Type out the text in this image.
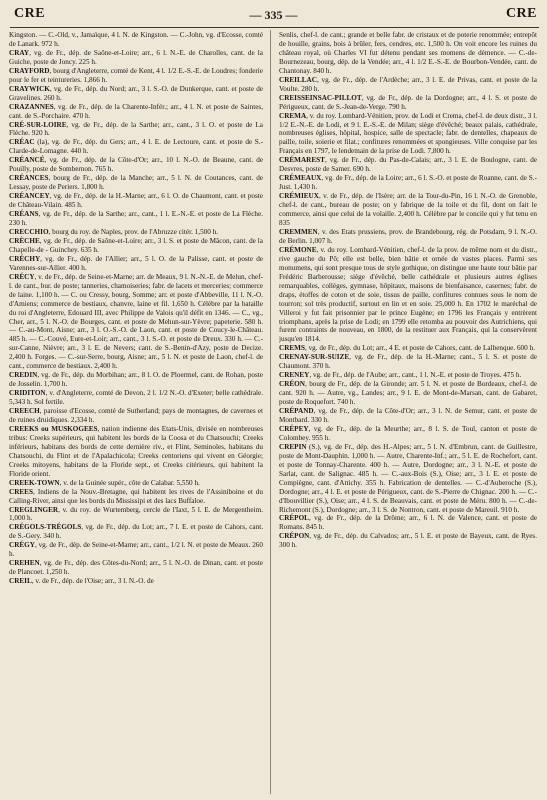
CRE	— 335 —	CRE

Kingston. — C.-Old, v., Jamaïque, 4 l. N. de Kingston. — C.-John, vg. d'Ecosse, comté de Lanark. 972 h.

CRAY, vg. de Fr., dép. de Saône-et-Loire; arr., 6 l. N.-E. de Charolles, cant. de la Guiche, poste de Joncy. 225 h.

CRAYFORD, bourg d'Angleterre, comté de Kent, 4 l. 1/2 E.-S.-E. de Loudres; fonderie pour le fer et teintureries. 1,866 h.

CRAYWICK, vg. de Fr., dép. du Nord; arr., 3 l. S.-O. de Dunkerque, cant. et poste de Gravelines. 260 h.

CRAZANNES, vg. de Fr., dép. de la Charente-Infér.; arr., 4 l. N. et poste de Saintes, cant. de S.-Porchaire. 470 h.

CRÉ-SUR-LOIRE, vg. de Fr., dép. de la Sarthe; arr., cant., 3 l. O. et poste de La Flèche. 920 h.

CRÉAC (la), vg. de Fr., dép. du Gers; arr., 4 l. E. de Lectoure, cant. et poste de S.-Clarde-de-Lomagne. 440 h.

CRÉANCÉ, vg. de Fr., dép. de la Côte-d'Or; arr., 10 l. N.-O. de Beaune, cant. de Pouilly, poste de Sombernon. 765 h.

CRÉANCES, bourg de Fr., dép. de la Manche; arr., 5 l. N. de Coutances, cant. de Lessay, poste de Periers. 1,800 h.

CRÉANCEY, vg. de Fr., dép. de la H.-Marne; arr., 6 l. O. de Chaumont, cant. et poste de Château-Vilain. 485 h.

CRÉANS, vg. de Fr., dép. de la Sarthe; arr., cant., 1 l. E.-N.-E. et poste de La Flèche. 230 h.

CRECCHIO, bourg du roy. de Naples, prov. de l'Abruzze citér. 1,500 h.

CRÈCHE, vg. de Fr., dép. de Saône-et-Loire; arr., 3 l. S. et poste de Mâcon, cant. de la Chapelle-de - Guinchey. 635 h.

CRÉCHY, vg. de Fr., dép. de l'Allier; arr., 5 l. O. de la Palisse, cant. et poste de Varennes-sur-Allier. 400 h.

CRÉCY, v. de Fr., dép. de Seine-et-Marne; arr. de Meaux, 9 l. N.-N.-E. de Melun, chef-l. de cant., bur. de poste; tanneries, chamoiseries; fabr. de lacets et merceries; commerce de laine. 1,100 h. — C. ou Cressy, bourg, Somme; arr. et poste d'Abbeville, 11 l. N.-O. d'Amiens; commerce de bestiaux, chanvre, laine et fil. 1,650 h. Célèbre par la bataille du roi d'Angleterre, Edouard III, avec Philippe de Valois qu'il défit en 1346. — C., vg., Cher, arr., 5 l. N.-O. de Bourges, cant. et poste de Mehun-sur-Yèvre; papeterie. 580 h. — C.-au-Mont, Aisne; arr., 3 l. O.-S.-O. de Laon, cant. et poste de Coucy-le-Château. 485 h. — C.-Couvé, Eure-et-Loir; arr., cant., 3 l. S.-O. et poste de Dreux. 330 h. — C.-sur-Canne, Nièvre; arr., 3 l. E. de Nevers; cant. de S.-Benin-d'Azy, poste de Decize. 2,400 h. Forges. — C.-sur-Serre, bourg, Aisne; arr., 5 l. N. et poste de Laon, chef-l. de cant., commerce de bestiaux. 2,400 h.

CREDIN, vg. de Fr., dép. du Morbihan; arr., 8 l. O. de Ploermel, cant. de Rohan, poste de Josselin. 1,700 h.

CRIDITON, v. d'Angleterre, comté de Devon, 2 l. 1/2 N.-O. d'Exeter; belle cathédrale. 5,343 h. Sol fertile.

CREECH, paroisse d'Ecosse, comté de Sutherland; pays de montagnes, de cavernes et de ruines druidiques. 2,334 h.

CREEKS ou MUSKOGEES, nation indienne des Etats-Unis, divisée en nombreuses tribus: Creeks supérieurs, qui habitent les bords de la Coosa et du Chatsouchi; Creeks inférieurs, habitans des bords de cette dernière riv., et Flint, Seminoles, habitans du Chatsouchi, du Flint et de l'Apalachicola; Creeks centoriens qui vivent en Géorgie; Creeks mitoyens, habitans de la Floride sept., et Creeks citérieurs, qui habitent la Floride orient.

CREEK-TOWN, v. de la Guinée supér., côte de Calabar. 5,550 h.

CREES, Indiens de la Nouv.-Bretagne, qui habitent les rives de l'Assiniboine et du Calling-River, ainsi que les bords du Mississipi et des lacs Buffaloe.

CREGLINGER, v. du roy. de Wurtemberg, cercle de l'Iaxt, 5 l. E. de Mergentheim. 1,000 h.

CRÉGOLS-TRÉGOLS, vg. de Fr., dép. du Lot; arr., 7 l. E. et poste de Cahors, cant. de S.-Gery. 340 h.

CRÉGY, vg. de Fr., dép. de Seine-et-Marne; arr., cant., 1/2 l. N. et poste de Meaux. 260 h.

CREHEN, vg. de Fr., dép. des Côtes-du-Nord; arr., 5 l. N.-O. de Dinan, cant. et poste de Plancoet. 1,250 h.

CREIL, v. de Fr., dép. de l'Oise; arr., 3 l. N.-O. de

Senlis, chef-l. de cant.; grande et belle fabr. de cristaux et de poterie renommée; entrepôt de houille, grains, bois à brûler, fers, cendres, etc. 1,500 h. On voit encore les ruines du château royal, où Charles VI fut détenu pendant ses momens de démence. — C.-de-Bournezeau, bourg, dép. de la Vendée; arr., 4 l. 1/2 E.-S.-E. de Bourbon-Vendée, cant. de Chantonay. 840 h.

CREILLAC, vg. de Fr., dép. de l'Ardèche; arr., 3 l. E. de Privas, cant. et poste de la Voulte. 280 h.

CREISSEINSAC-PILLOT, vg. de Fr., dép. de la Dordogne; arr., 4 l. S. et poste de Périgueux, cant. de S.-Jean-de-Verge. 790 h.

CREMA, v. du roy. Lombard-Vénitien, prov. de Lodi et Crema, chef-l. de deux distr., 3 l. 1/2 E.-N.-E. de Lodi, et 9 l. E.-S.-E. de Milan; siège d'évêché; beaux palais, cathédrale, nombreuses églises, hôpital, hospice, salle de spectacle; fabr. de dentelles, chapeaux de paille, toile, soierie et filat.; confitures renommées et spongieuses. Ville conquise par les Français en 1797, le lendemain de la prise de Lodi. 7,800 h.

CRÉMAREST, vg. de Fr., dép. du Pas-de-Calais; arr., 3 l. E. de Boulogne, cant. de Desvres, poste de Samer. 690 h.

CRÉMEAUX, vg. de Fr., dép. de la Loire; arr., 6 l. S.-O. et poste de Roanne, cant. de S.-Just. 1,430 h.

CRÉMIEUX, v. de Fr., dép. de l'Isère; arr. de la Tour-du-Pin, 16 l. N.-O. de Grenoble, chef-l. de cant., bureau de poste; on y fabrique de la toile et du fil, dont on fait le commerce, ainsi que celui de la volaille. 2,400 h. Célèbre par le concile qui y fut tenu en 835

CREMMEN, v. des Etats prussiens, prov. de Brandebourg, rég. de Potsdam, 9 l. N.-O. de Berlin. 1,007 h.

CRÉMONE, v. du roy. Lombard-Vénitien, chef-l. de la prov. de même nom et du distr., rive gauche du Pô; elle est belle, bien bâtie et ornée de vastes places. Parmi ses monumens, qui sont presque tous de style gothique, on distingue une haute tour bâtie par Frédéric Barberousse; siège d'évêché, belle cathédrale et plusieurs autres églises remarquables, collèges, gymnase, hôpitaux, maisons de bienfaisance, casernes; fabr. de draps, étoffes de coton et de soie, tissus de paille, confitures connues sous le nom de tourron; sol très productif, surtout en lin et en soie. 25,000 h. En 1702 le maréchal de Villeroi y fut fait prisonnier par le prince Eugène; en 1796 les Français y entrèrent triomphans, après la prise de Lodi; en 1799 elle retomba au pouvoir des Autrichiens, qui furent contraints de nouveau, en 1800, de la restituer aux Français, qui la conservèrent jusqu'en 1814.

CREMS, vg. de Fr., dép. du Lot; arr., 4 E. et poste de Cahors, cant. de Lalbenque. 600 h.

CRENAY-SUR-SUIZE, vg. de Fr., dép. de la H.-Marne; cant., 5 l. S. et poste de Chaumont. 370 h.

CRENEY, vg. de Fr., dép. de l'Aube; arr., cant., 1 l. N.-E. et poste de Troyes. 475 h.

CRÉON, bourg de Fr., dép. de la Gironde; arr. 5 l. N. et poste de Bordeaux, chef-l. de cant. 920 h. — Autre, vg., Landes; arr., 9 l. E. de Mont-de-Marsan, cant. de Gabaret, poste de Roquefort. 740 h.

CRÉPAND, vg. de Fr., dép. de la Côte-d'Or; arr., 3 l. N. de Semur, cant. et poste de Montbard. 330 h.

CRÉPEY, vg. de Fr., dép. de la Meurthe; arr., 8 l. S. de Toul, canton et poste de Colombey. 955 h.

CREPIN (S.), vg. de Fr., dép. des H.-Alpes; arr., 5 l. N. d'Embrun, cant. de Guillestre, poste de Mont-Dauphin. 1,000 h. — Autre, Charente-Inf.; arr., 5 l. E. de Rochefort, cant. et poste de Tonnay-Charente. 400 h. — Autre, Dordogne; arr., 3 l. N.-E. et poste de Sarlat, cant. de Salignac. 485 h. — C.-aux-Bois (S.), Oise; arr., 3 l. E. et poste de Compiègne, cant. d'Attichy. 355 h. Fabrication de dentelles. — C.-d'Auberoche (S.), Dordogne; arr., 4 l. E. et poste de Périgueux, cant. de S.-Pierre de Chignac. 200 h. — C.-d'Ibouvillier (S.), Oise; arr., 4 l. S. de Beauvais, cant. et poste de Méru. 800 h. — C.-de-Richemont (S.), Dordogne; arr., 3 l. S. de Nontron, cant. et poste de Mareuil. 910 h.

CRÉPOL, vg. de Fr., dép. de la Drôme; arr., 6 l. N. de Valence, cant. et poste de Romans. 845 h.

CRÉPON, vg. de Fr., dép. du Calvados; arr., 5 l. E. et poste de Bayeux, cant. de Ryes. 300 h.
